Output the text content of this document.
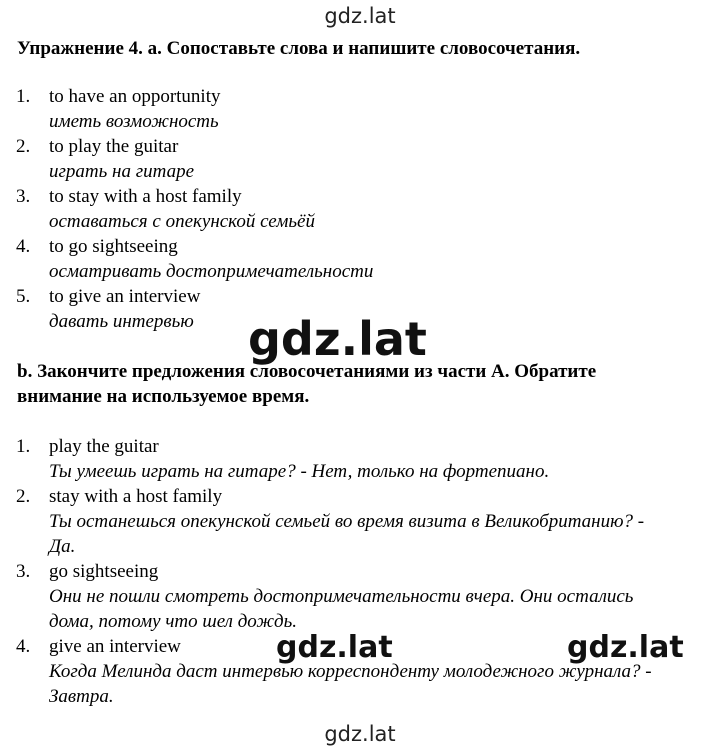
gdz.lat
Упражнение 4. а. Сопоставьте слова и напишите словосочетания.
1. to have an opportunity
иметь возможность
2. to play the guitar
играть на гитаре
3. to stay with a host family
оставаться с опекунской семьёй
4. to go sightseeing
осматривать достопримечательности
5. to give an interview
давать интервью
b. Закончите предложения словосочетаниями из части А. Обратите
внимание на используемое время.
1. play the guitar
Ты умеешь играть на гитаре? - Нет, только на фортепиано.
2. stay with a host family
Ты останешься опекунской семьей во время визита в Великобританию? -
Да.
3. go sightseeing
Они не пошли смотреть достопримечательности вчера. Они остались
дома, потому что шел дождь.
4. give an interview
Когда Мелинда даст интервью корреспонденту молодежного журнала? -
Завтра.
gdz.lat
gdz.lat	gdz.lat
gdz.lat
